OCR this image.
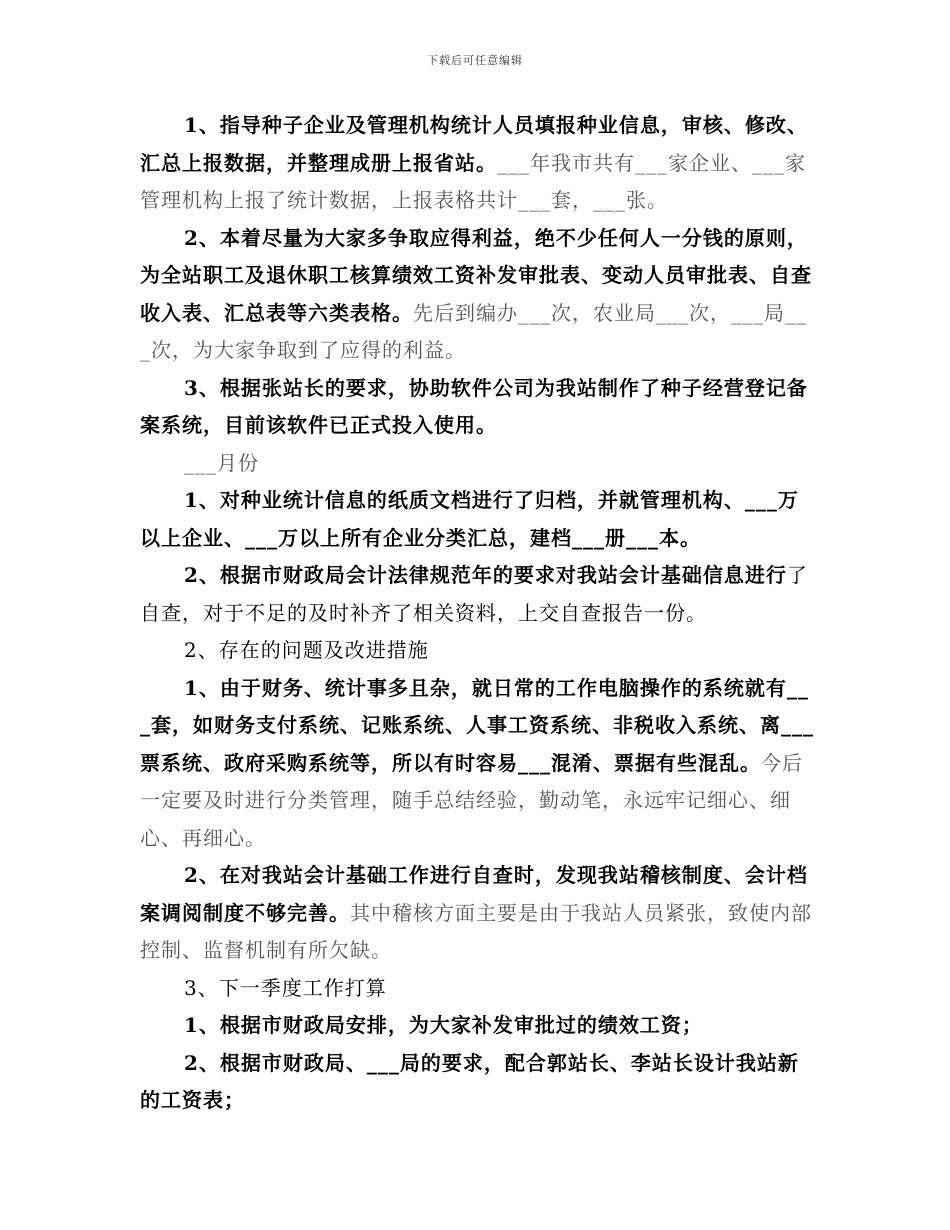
下载后可任意编辑

1、指导种子企业及管理机构统计人员填报种业信息，审核、修改、汇总上报数据，并整理成册上报省站。___年我市共有___家企业、___家管理机构上报了统计数据，上报表格共计___套，___张。

2、本着尽量为大家多争取应得利益，绝不少任何人一分钱的原则，为全站职工及退休职工核算绩效工资补发审批表、变动人员审批表、自查收入表、汇总表等六类表格。先后到编办___次，农业局___次，___局___次，为大家争取到了应得的利益。

3、根据张站长的要求，协助软件公司为我站制作了种子经营登记备案系统，目前该软件已正式投入使用。

___月份

1、对种业统计信息的纸质文档进行了归档，并就管理机构、___万以上企业、___万以上所有企业分类汇总，建档___册___本。

2、根据市财政局会计法律规范年的要求对我站会计基础信息进行了自查，对于不足的及时补齐了相关资料，上交自查报告一份。

2、存在的问题及改进措施

1、由于财务、统计事多且杂，就日常的工作电脑操作的系统就有___套，如财务支付系统、记账系统、人事工资系统、非税收入系统、离___票系统、政府采购系统等，所以有时容易___混淆、票据有些混乱。今后一定要及时进行分类管理，随手总结经验，勤动笔，永远牢记细心、细心、再细心。

2、在对我站会计基础工作进行自查时，发现我站稽核制度、会计档案调阅制度不够完善。其中稽核方面主要是由于我站人员紧张，致使内部控制、监督机制有所欠缺。

3、下一季度工作打算

1、根据市财政局安排，为大家补发审批过的绩效工资；

2、根据市财政局、___局的要求，配合郭站长、李站长设计我站新的工资表；
